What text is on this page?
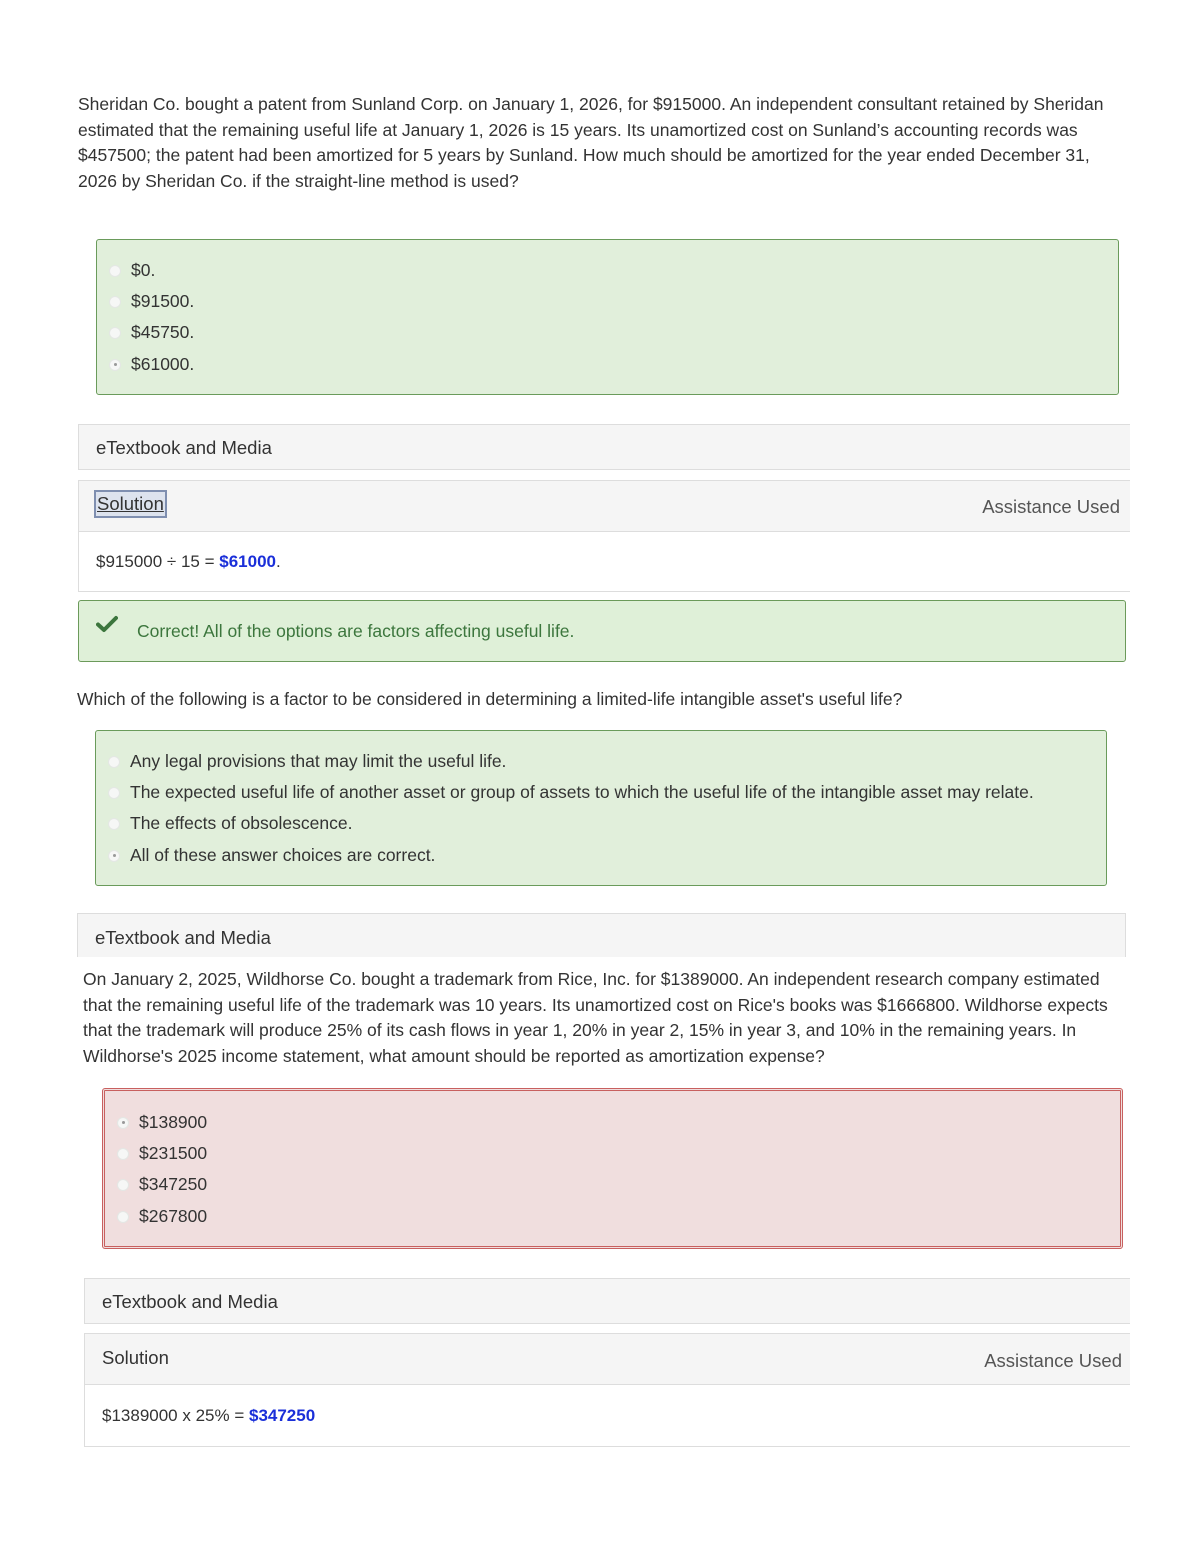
Sheridan Co. bought a patent from Sunland Corp. on January 1, 2026, for $915000. An independent consultant retained by Sheridan estimated that the remaining useful life at January 1, 2026 is 15 years. Its unamortized cost on Sunland’s accounting records was $457500; the patent had been amortized for 5 years by Sunland. How much should be amortized for the year ended December 31, 2026 by Sheridan Co. if the straight-line method is used?

$0.
$91500.
$45750.
$61000.
eTextbook and Media
Solution	Assistance Used
$915000 ÷ 15 = $61000.
Correct! All of the options are factors affecting useful life.

Which of the following is a factor to be considered in determining a limited-life intangible asset's useful life?

Any legal provisions that may limit the useful life.
The expected useful life of another asset or group of assets to which the useful life of the intangible asset may relate.
The effects of obsolescence.
All of these answer choices are correct.
eTextbook and Media

On January 2, 2025, Wildhorse Co. bought a trademark from Rice, Inc. for $1389000. An independent research company estimated that the remaining useful life of the trademark was 10 years. Its unamortized cost on Rice's books was $1666800. Wildhorse expects that the trademark will produce 25% of its cash flows in year 1, 20% in year 2, 15% in year 3, and 10% in the remaining years. In Wildhorse's 2025 income statement, what amount should be reported as amortization expense?

$138900
$231500
$347250
$267800
eTextbook and Media
Solution	Assistance Used
$1389000 x 25% = $347250
